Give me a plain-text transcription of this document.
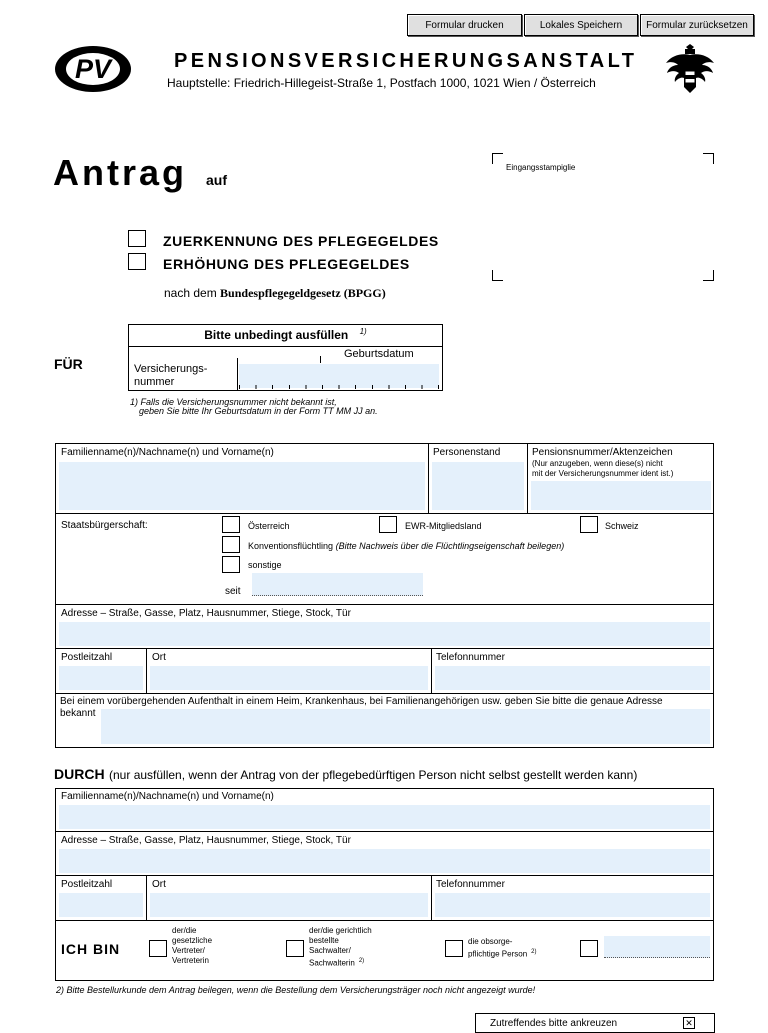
Formular drucken	Lokales Speichern	Formular zurücksetzen
PV	PENSIONSVERSICHERUNGSANSTALT
Hauptstelle: Friedrich-Hillegeist-Straße 1, Postfach 1000, 1021 Wien / Österreich
Antrag auf
Eingangsstampiglie
ZUERKENNUNG DES PFLEGEGELDES
ERHÖHUNG DES PFLEGEGELDES
nach dem Bundespflegegeldgesetz (BPGG)
FÜR
Bitte unbedingt ausfüllen $^{1)}$
Versicherungs-
nummer
Geburtsdatum
1) Falls die Versicherungsnummer nicht bekannt ist,
geben Sie bitte Ihr Geburtsdatum in der Form TT MM JJ an.
Familienname(n)/Nachname(n) und Vorname(n)	Personenstand	Pensionsnummer/Aktenzeichen
(Nur anzugeben, wenn diese(s) nicht
mit der Versicherungsnummer ident ist.)
Staatsbürgerschaft:	Österreich	EWR-Mitgliedsland	Schweiz
Konventionsflüchtling (Bitte Nachweis über die Flüchtlingseigenschaft beilegen)
sonstige
seit
Adresse – Straße, Gasse, Platz, Hausnummer, Stiege, Stock, Tür
Postleitzahl	Ort	Telefonnummer
Bei einem vorübergehenden Aufenthalt in einem Heim, Krankenhaus, bei Familienangehörigen usw. geben Sie bitte die genaue Adresse bekannt
DURCH (nur ausfüllen, wenn der Antrag von der pflegebedürftigen Person nicht selbst gestellt werden kann)
Familienname(n)/Nachname(n) und Vorname(n)
Adresse – Straße, Gasse, Platz, Hausnummer, Stiege, Stock, Tür
Postleitzahl	Ort	Telefonnummer
ICH BIN
der/die
gesetzliche
Vertreter/
Vertreterin
der/die gerichtlich
bestellte
Sachwalter/
Sachwalterin $^{2)}$
die obsorge-
pflichtige Person $^{2)}$
2) Bitte Bestellurkunde dem Antrag beilegen, wenn die Bestellung dem Versicherungsträger noch nicht angezeigt wurde!
Zutreffendes bitte ankreuzen	✕
